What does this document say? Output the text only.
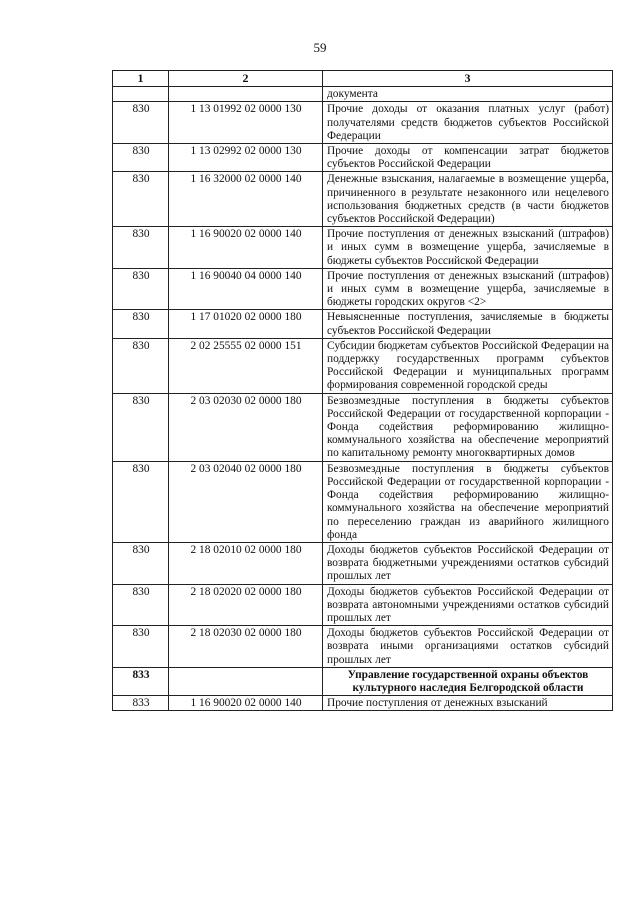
59
1	2	3
		документа
830	1 13 01992 02 0000 130	Прочие доходы от оказания платных услуг (работ) получателями средств бюджетов субъектов Российской Федерации
830	1 13 02992 02 0000 130	Прочие доходы от компенсации затрат бюджетов субъектов Российской Федерации
830	1 16 32000 02 0000 140	Денежные взыскания, налагаемые в возмещение ущерба, причиненного в результате незаконного или нецелевого использования бюджетных средств (в части бюджетов субъектов Российской Федерации)
830	1 16 90020 02 0000 140	Прочие поступления от денежных взысканий (штрафов) и иных сумм в возмещение ущерба, зачисляемые в бюджеты субъектов Российской Федерации
830	1 16 90040 04 0000 140	Прочие поступления от денежных взысканий (штрафов) и иных сумм в возмещение ущерба, зачисляемые в бюджеты городских округов <2>
830	1 17 01020 02 0000 180	Невыясненные поступления, зачисляемые в бюджеты субъектов Российской Федерации
830	2 02 25555 02 0000 151	Субсидии бюджетам субъектов Российской Федерации на поддержку государственных программ субъектов Российской Федерации и муниципальных программ формирования современной городской среды
830	2 03 02030 02 0000 180	Безвозмездные поступления в бюджеты субъектов Российской Федерации от государственной корпорации - Фонда содействия реформированию жилищно-коммунального хозяйства на обеспечение мероприятий по капитальному ремонту многоквартирных домов
830	2 03 02040 02 0000 180	Безвозмездные поступления в бюджеты субъектов Российской Федерации от государственной корпорации - Фонда содействия реформированию жилищно-коммунального хозяйства на обеспечение мероприятий по переселению граждан из аварийного жилищного фонда
830	2 18 02010 02 0000 180	Доходы бюджетов субъектов Российской Федерации от возврата бюджетными учреждениями остатков субсидий прошлых лет
830	2 18 02020 02 0000 180	Доходы бюджетов субъектов Российской Федерации от возврата автономными учреждениями остатков субсидий прошлых лет
830	2 18 02030 02 0000 180	Доходы бюджетов субъектов Российской Федерации от возврата иными организациями остатков субсидий прошлых лет
833		Управление государственной охраны объектов культурного наследия Белгородской области
833	1 16 90020 02 0000 140	Прочие поступления от денежных взысканий
